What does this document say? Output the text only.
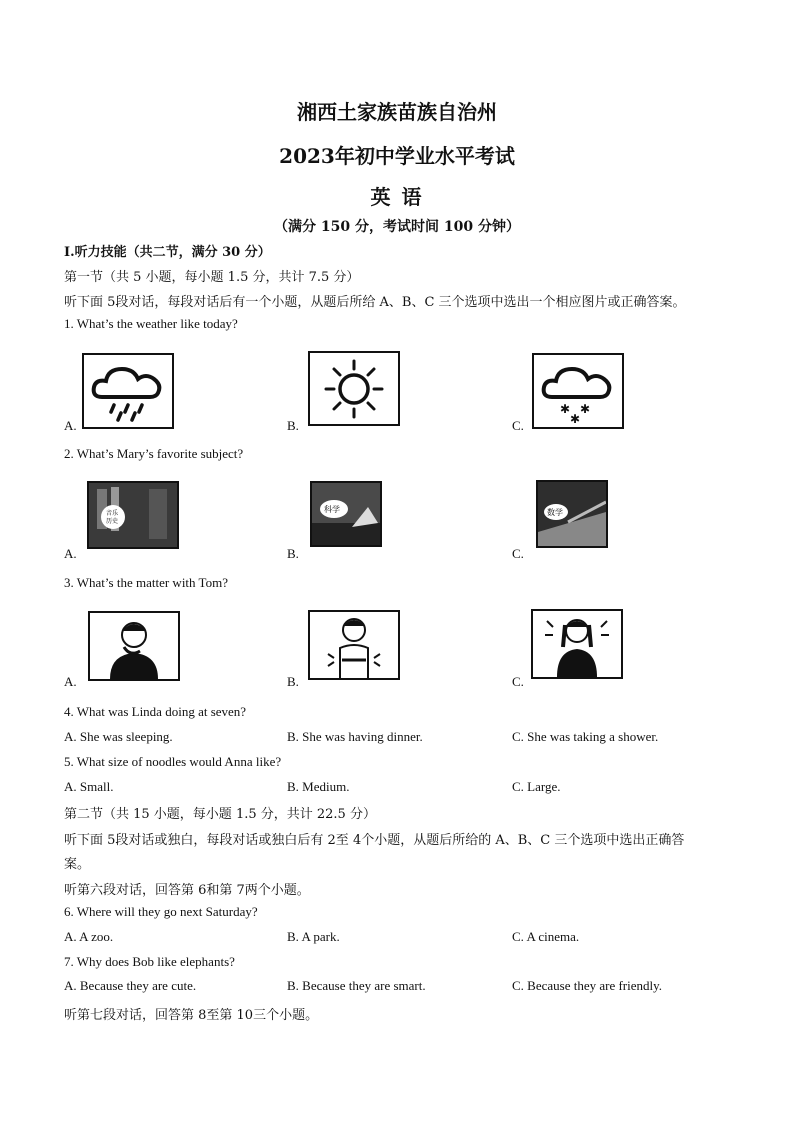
湘西土家族苗族自治州
2023年初中学业水平考试
英 语
（满分 150 分，考试时间 100 分钟）
I.听力技能（共二节，满分 30 分）
第一节（共 5 小题，每小题 1.5 分，共计 7.5 分）
听下面 5段对话，每段对话后有一个小题，从题后所给 A、B、C 三个选项中选出一个相应图片或正确答案。
1. What’s the weather like today?
A.	B.
✱ ✱
✱
C.
2. What’s Mary’s favorite subject?
音乐
历史
A.
科学
B.
数学
C.
3. What’s the matter with Tom?
A.	B.	C.
4. What was Linda doing at seven?
A. She was sleeping.	B. She was having dinner.	C. She was taking a shower.
5. What size of noodles would Anna like?
A. Small.	B. Medium.	C. Large.
第二节（共 15 小题，每小题 1.5 分，共计 22.5 分）
听下面 5段对话或独白，每段对话或独白后有 2至 4个小题，从题后所给的 A、B、C 三个选项中选出正确答
案。
听第六段对话，回答第 6和第 7两个小题。
6. Where will they go next Saturday?
A. A zoo.	B. A park.	C. A cinema.
7. Why does Bob like elephants?
A. Because they are cute.	B. Because they are smart.	C. Because they are friendly.
听第七段对话，回答第 8至第 10三个小题。
